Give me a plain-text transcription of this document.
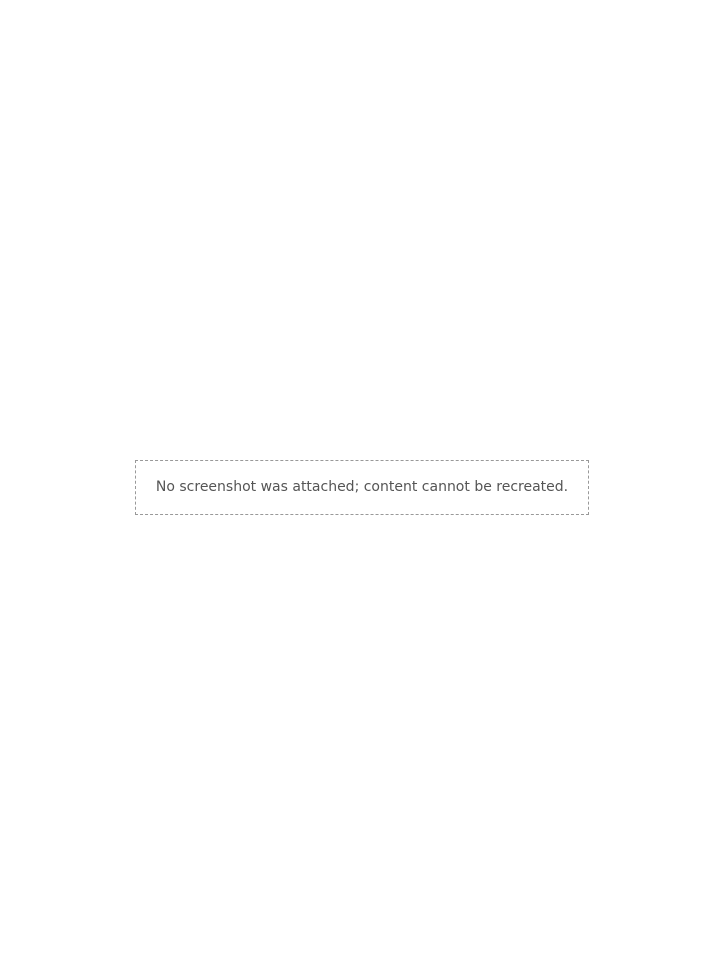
No screenshot was attached; content cannot be recreated.
